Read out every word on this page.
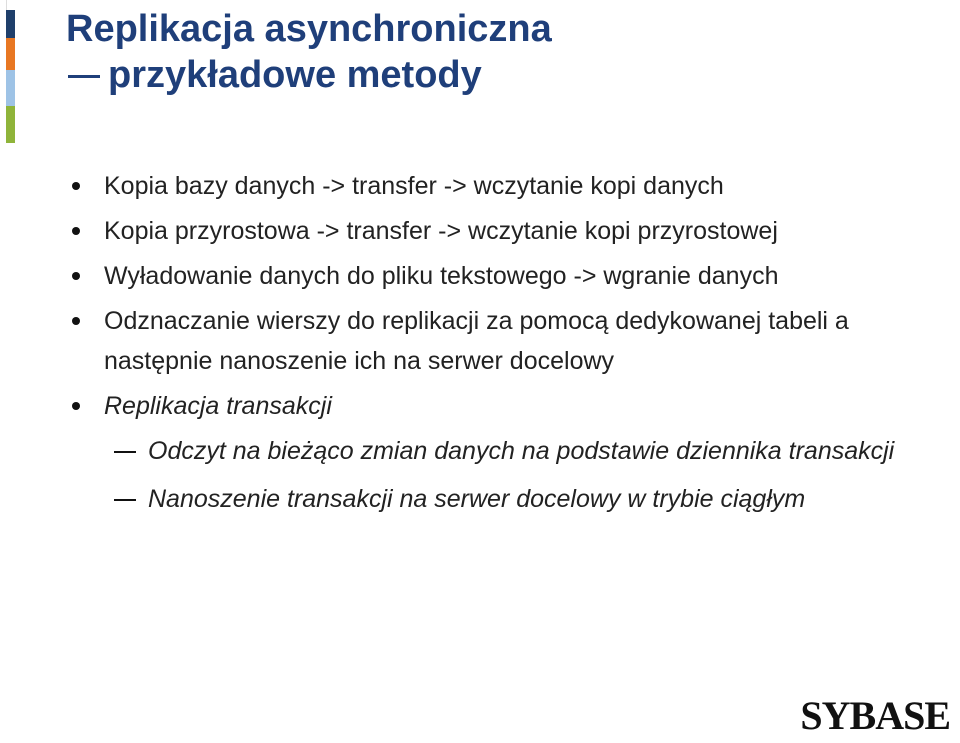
Replikacja asynchroniczna
przykładowe metody
Kopia bazy danych -> transfer -> wczytanie kopi danych
Kopia przyrostowa -> transfer -> wczytanie kopi przyrostowej
Wyładowanie danych do pliku tekstowego -> wgranie danych
Odznaczanie wierszy do replikacji za pomocą dedykowanej tabeli a następnie nanoszenie ich na serwer docelowy
Replikacja transakcji
Odczyt na bieżąco zmian danych na podstawie dziennika transakcji
Nanoszenie transakcji na serwer docelowy w trybie ciągłym
SYBASE
